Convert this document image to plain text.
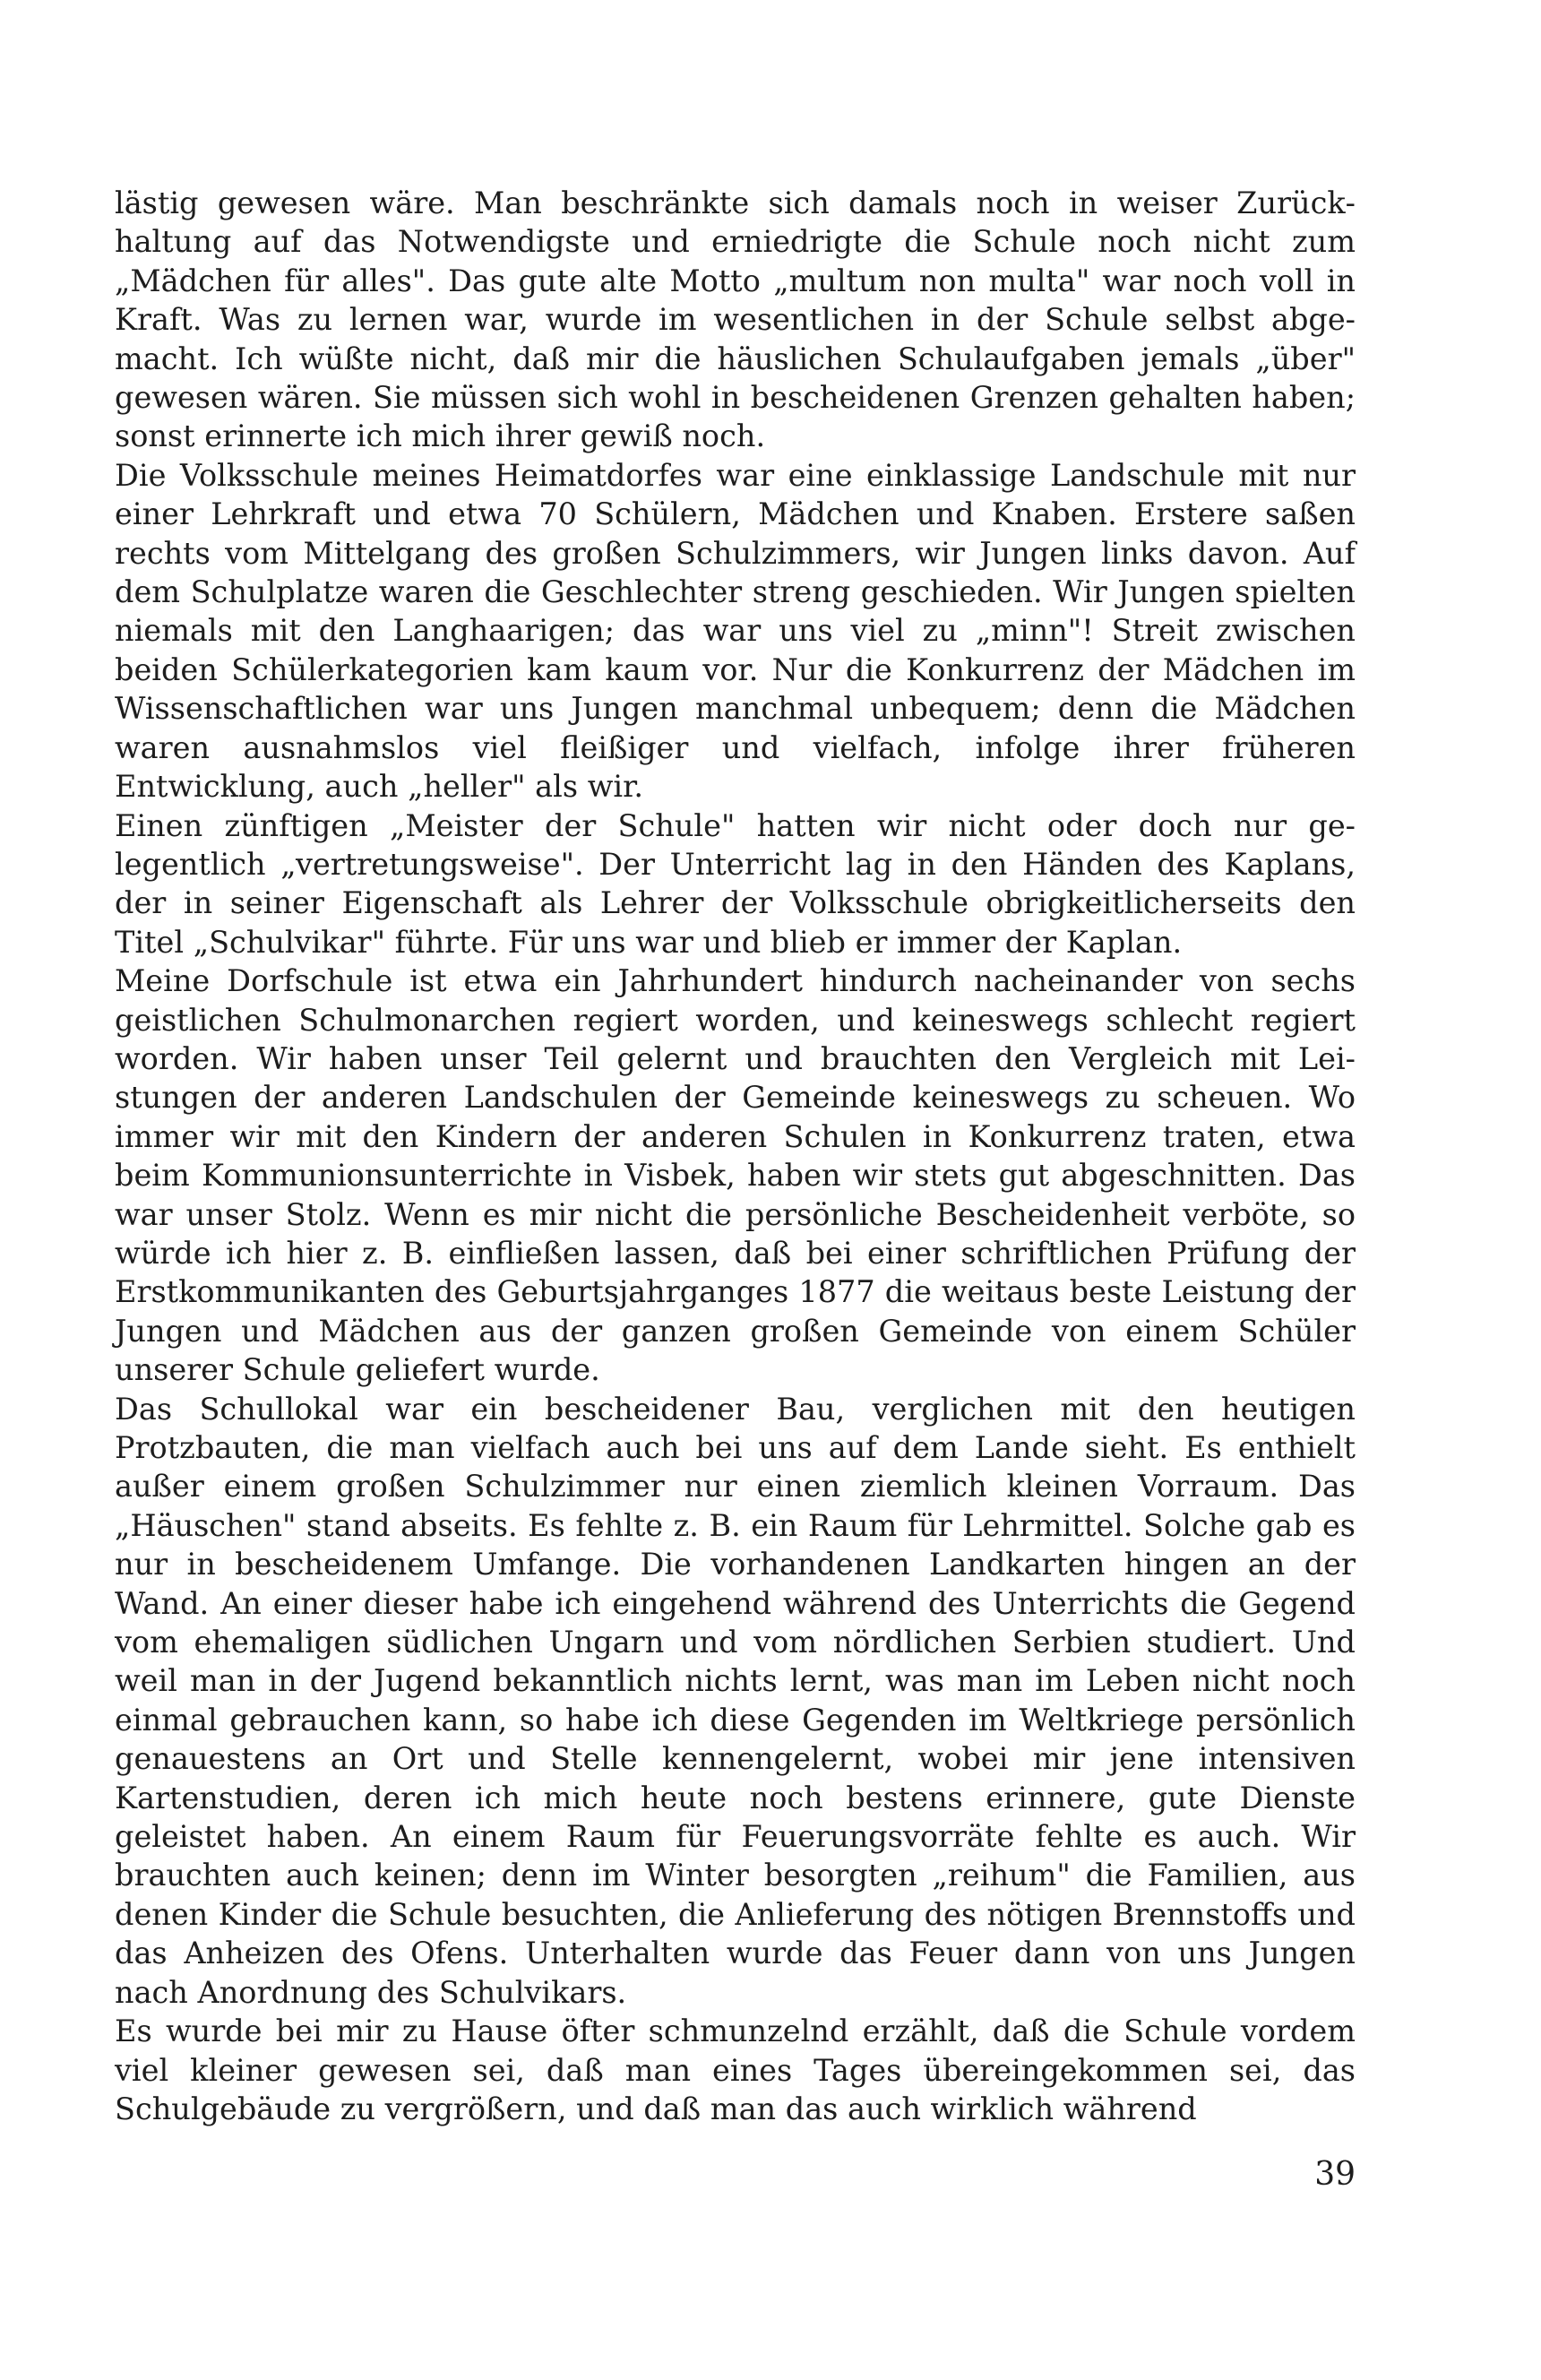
lästig gewesen wäre. Man beschränkte sich damals noch in weiser Zurückhaltung auf das Notwendigste und erniedrigte die Schule noch nicht zum „Mädchen für alles". Das gute alte Motto „multum non multa" war noch voll in Kraft. Was zu lernen war, wurde im wesentlichen in der Schule selbst abgemacht. Ich wüßte nicht, daß mir die häuslichen Schulaufgaben jemals „über" gewesen wären. Sie müssen sich wohl in bescheidenen Grenzen gehalten haben; sonst erinnerte ich mich ihrer gewiß noch.

Die Volksschule meines Heimatdorfes war eine einklassige Landschule mit nur einer Lehrkraft und etwa 70 Schülern, Mädchen und Knaben. Erstere saßen rechts vom Mittelgang des großen Schulzimmers, wir Jungen links davon. Auf dem Schulplatze waren die Geschlechter streng geschieden. Wir Jungen spielten niemals mit den Langhaarigen; das war uns viel zu „minn"! Streit zwischen beiden Schülerkategorien kam kaum vor. Nur die Konkurrenz der Mädchen im Wissenschaftlichen war uns Jungen manchmal unbequem; denn die Mädchen waren ausnahmslos viel fleißiger und vielfach, infolge ihrer früheren Entwicklung, auch „heller" als wir.

Einen zünftigen „Meister der Schule" hatten wir nicht oder doch nur gelegentlich „vertretungsweise". Der Unterricht lag in den Händen des Kaplans, der in seiner Eigenschaft als Lehrer der Volksschule obrigkeitlicherseits den Titel „Schulvikar" führte. Für uns war und blieb er immer der Kaplan.

Meine Dorfschule ist etwa ein Jahrhundert hindurch nacheinander von sechs geistlichen Schulmonarchen regiert worden, und keineswegs schlecht regiert worden. Wir haben unser Teil gelernt und brauchten den Vergleich mit Leistungen der anderen Landschulen der Gemeinde keineswegs zu scheuen. Wo immer wir mit den Kindern der anderen Schulen in Konkurrenz traten, etwa beim Kommunionsunterrichte in Visbek, haben wir stets gut abgeschnitten. Das war unser Stolz. Wenn es mir nicht die persönliche Bescheidenheit verböte, so würde ich hier z. B. einfließen lassen, daß bei einer schriftlichen Prüfung der Erstkommunikanten des Geburtsjahrganges 1877 die weitaus beste Leistung der Jungen und Mädchen aus der ganzen großen Gemeinde von einem Schüler unserer Schule geliefert wurde.

Das Schullokal war ein bescheidener Bau, verglichen mit den heutigen Protzbauten, die man vielfach auch bei uns auf dem Lande sieht. Es enthielt außer einem großen Schulzimmer nur einen ziemlich kleinen Vorraum. Das „Häuschen" stand abseits. Es fehlte z. B. ein Raum für Lehrmittel. Solche gab es nur in bescheidenem Umfange. Die vorhandenen Landkarten hingen an der Wand. An einer dieser habe ich eingehend während des Unterrichts die Gegend vom ehemaligen südlichen Ungarn und vom nördlichen Serbien studiert. Und weil man in der Jugend bekanntlich nichts lernt, was man im Leben nicht noch einmal gebrauchen kann, so habe ich diese Gegenden im Weltkriege persönlich genauestens an Ort und Stelle kennengelernt, wobei mir jene intensiven Kartenstudien, deren ich mich heute noch bestens erinnere, gute Dienste geleistet haben. An einem Raum für Feuerungsvorräte fehlte es auch. Wir brauchten auch keinen; denn im Winter besorgten „reihum" die Familien, aus denen Kinder die Schule besuchten, die Anlieferung des nötigen Brennstoffs und das Anheizen des Ofens. Unterhalten wurde das Feuer dann von uns Jungen nach Anordnung des Schulvikars.

Es wurde bei mir zu Hause öfter schmunzelnd erzählt, daß die Schule vordem viel kleiner gewesen sei, daß man eines Tages übereingekommen sei, das Schulgebäude zu vergrößern, und daß man das auch wirklich während

39
